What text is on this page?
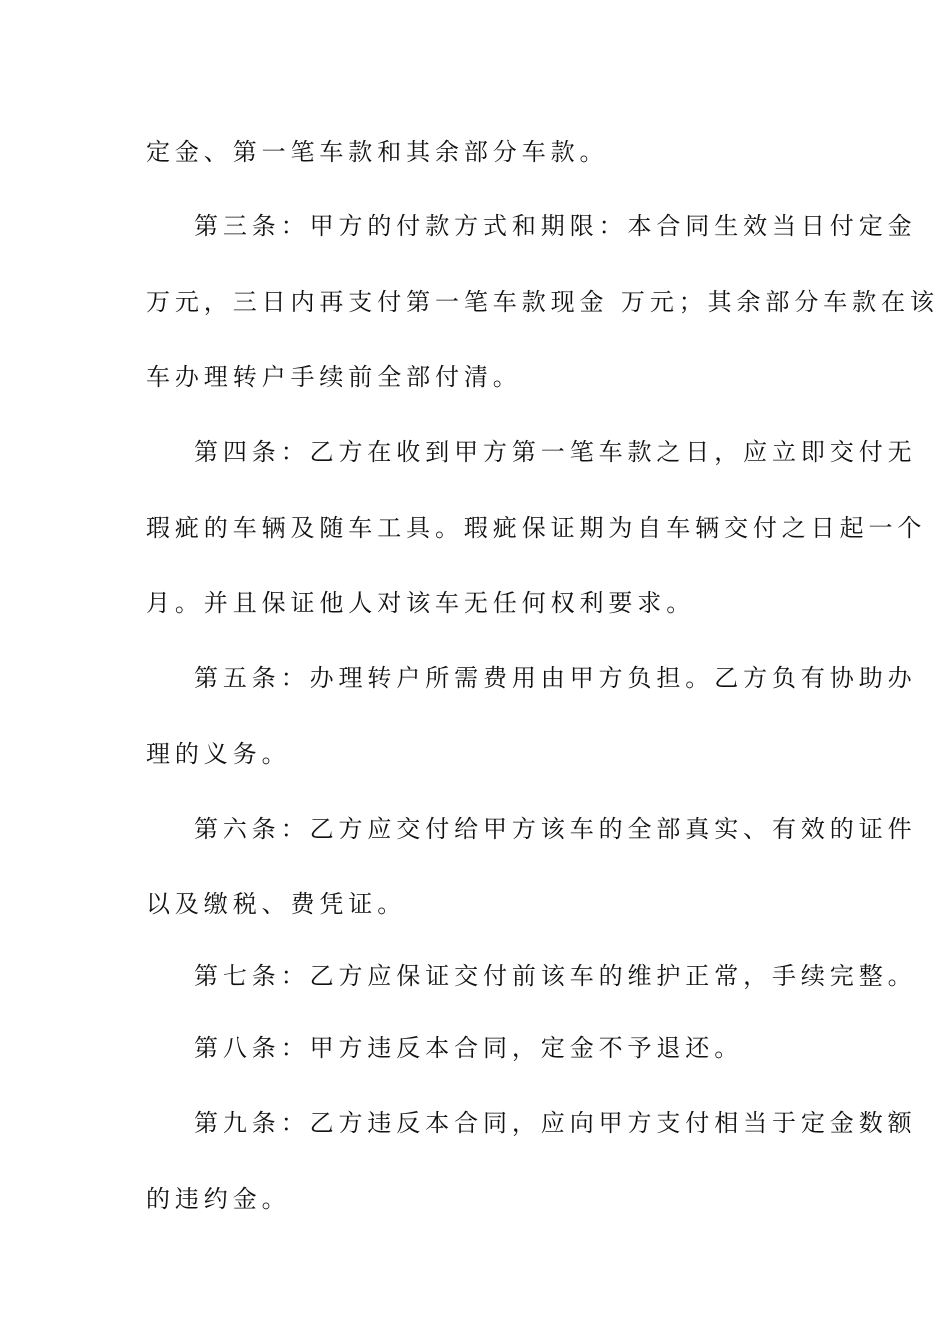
定金、第一笔车款和其余部分车款。
第三条：甲方的付款方式和期限：本合同生效当日付定金
万元，三日内再支付第一笔车款现金 万元；其余部分车款在该
车办理转户手续前全部付清。
第四条：乙方在收到甲方第一笔车款之日，应立即交付无
瑕疵的车辆及随车工具。瑕疵保证期为自车辆交付之日起一个
月。并且保证他人对该车无任何权利要求。
第五条：办理转户所需费用由甲方负担。乙方负有协助办
理的义务。
第六条：乙方应交付给甲方该车的全部真实、有效的证件
以及缴税、费凭证。
第七条：乙方应保证交付前该车的维护正常，手续完整。
第八条：甲方违反本合同，定金不予退还。
第九条：乙方违反本合同，应向甲方支付相当于定金数额
的违约金。
